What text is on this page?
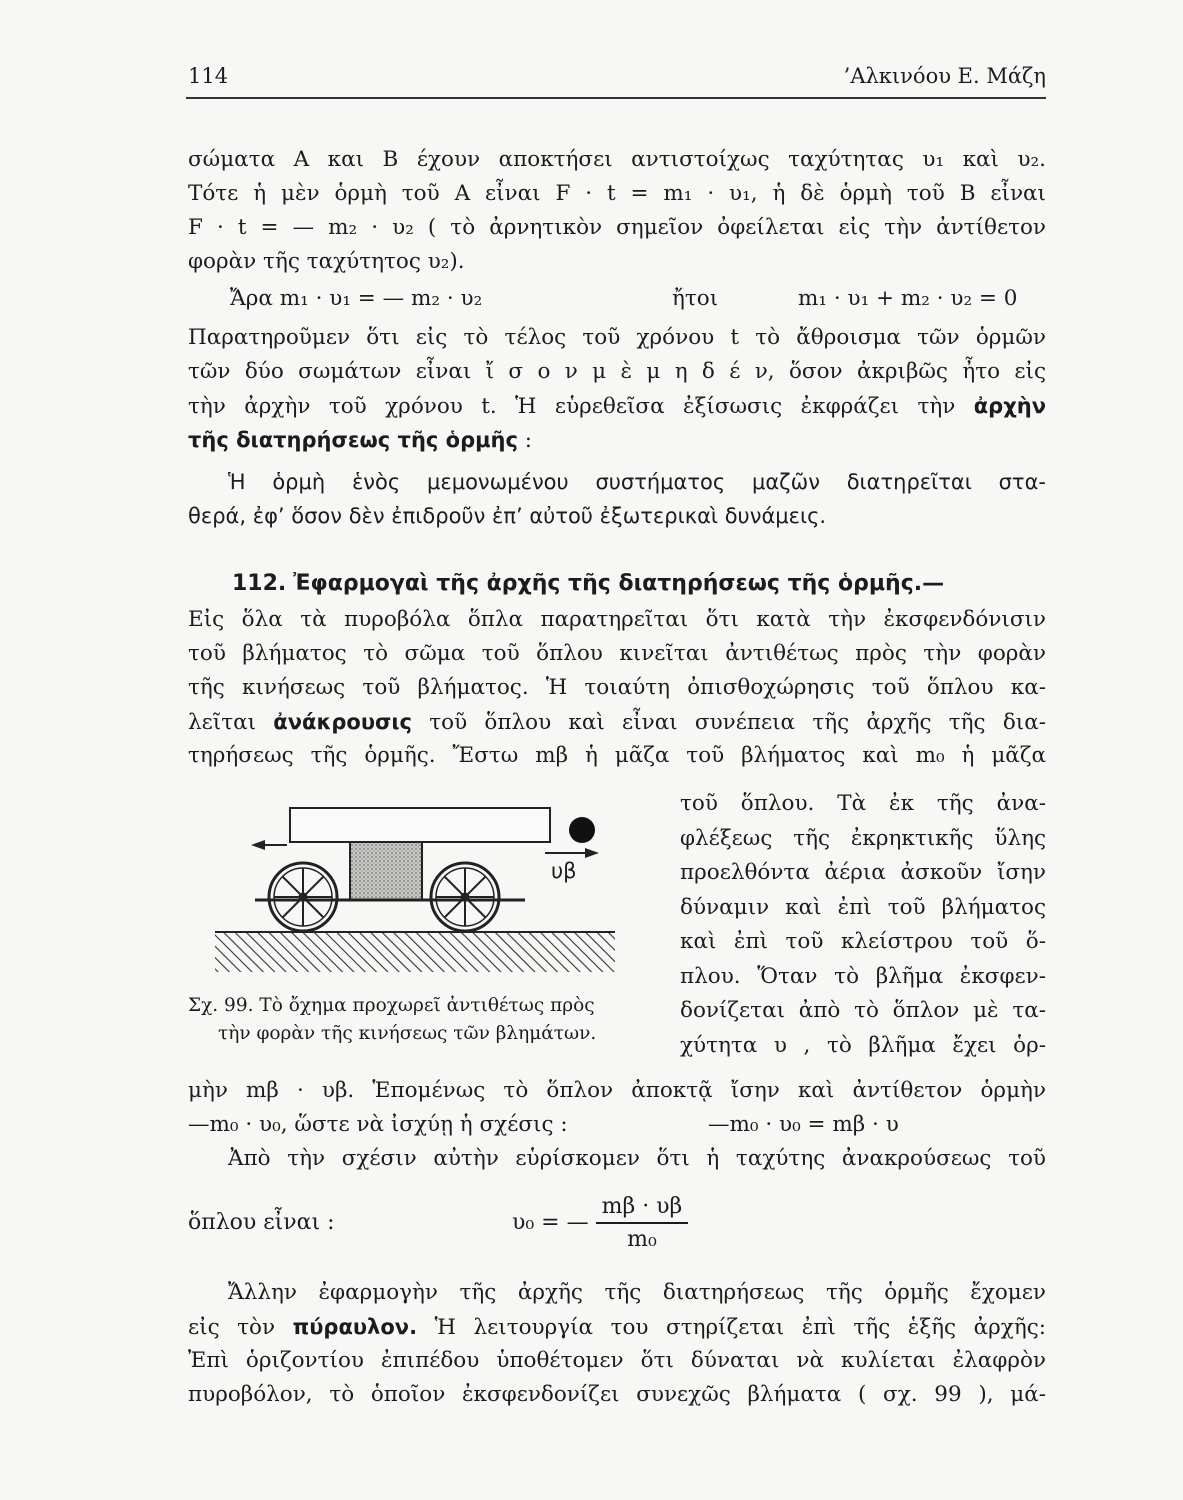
114	’Αλκινόου Ε. Μάζη
σώματα Α και Β έχουν αποκτήσει αντιστοίχως ταχύτητας υ₁ καὶ υ₂.
Τότε ἡ μὲν ὁρμὴ τοῦ Α εἶναι F · t = m₁ · υ₁, ἡ δὲ ὁρμὴ τοῦ Β εἶναι
F · t = — m₂ · υ₂ ( τὸ ἀρνητικὸν σημεῖον ὀφείλεται εἰς τὴν ἀντίθετον
φορὰν τῆς ταχύτητος υ₂).
Ἄρα m₁ · υ₁ = — m₂ · υ₂	ἤτοι	m₁ · υ₁ + m₂ · υ₂ = 0
Παρατηροῦμεν ὅτι εἰς τὸ τέλος τοῦ χρόνου t τὸ ἄθροισμα τῶν ὁρμῶν
τῶν δύο σωμάτων εἶναι ἴ σ ο ν μ ὲ μ η δ έ ν, ὅσον ἀκριβῶς ἦτο εἰς
τὴν ἀρχὴν τοῦ χρόνου t. Ἡ εὑρεθεῖσα ἐξίσωσις ἐκφράζει τὴν ἀρχὴν
τῆς διατηρήσεως τῆς ὁρμῆς :
Ἡ ὁρμὴ ἑνὸς μεμονωμένου συστήματος μαζῶν διατηρεῖται στα-
θερά, ἐφ’ ὅσον δὲν ἐπιδροῦν ἐπ’ αὐτοῦ ἐξωτερικαὶ δυνάμεις.
112. Ἐφαρμογαὶ τῆς ἀρχῆς τῆς διατηρήσεως τῆς ὁρμῆς.—
Εἰς ὅλα τὰ πυροβόλα ὅπλα παρατηρεῖται ὅτι κατὰ τὴν ἐκσφενδόνισιν
τοῦ βλήματος τὸ σῶμα τοῦ ὅπλου κινεῖται ἀντιθέτως πρὸς τὴν φορὰν
τῆς κινήσεως τοῦ βλήματος. Ἡ τοιαύτη ὀπισθοχώρησις τοῦ ὅπλου κα-
λεῖται ἀνάκρουσις τοῦ ὅπλου καὶ εἶναι συνέπεια τῆς ἀρχῆς τῆς δια-
τηρήσεως τῆς ὁρμῆς. Ἔστω mβ ἡ μᾶζα τοῦ βλήματος καὶ m₀ ἡ μᾶζα
τοῦ ὅπλου. Τὰ ἐκ τῆς ἀνα-
φλέξεως τῆς ἐκρηκτικῆς ὕλης
προελθόντα ἀέρια ἀσκοῦν ἴσην
δύναμιν καὶ ἐπὶ τοῦ βλήματος
καὶ ἐπὶ τοῦ κλείστρου τοῦ ὅ-
πλου. Ὅταν τὸ βλῆμα ἐκσφεν-
δονίζεται ἀπὸ τὸ ὅπλον μὲ τα-
χύτητα υ , τὸ βλῆμα ἔχει ὁρ-
υβ
Σχ. 99. Τὸ ὄχημα προχωρεῖ ἀντιθέτως πρὸς
τὴν φορὰν τῆς κινήσεως τῶν βλημάτων.
μὴν mβ · υβ. Ἑπομένως τὸ ὅπλον ἀποκτᾷ ἴσην καὶ ἀντίθετον ὁρμὴν
—m₀ · υ₀, ὥστε νὰ ἰσχύῃ ἡ σχέσις :	—m₀ · υ₀ = mβ · υ
Ἀπὸ τὴν σχέσιν αὐτὴν εὑρίσκομεν ὅτι ἡ ταχύτης ἀνακρούσεως τοῦ
ὅπλου εἶναι :	υ₀ = — $\frac{m\beta \cdot \upsilon\beta}{\text{m₀}}$
Ἄλλην ἐφαρμογὴν τῆς ἀρχῆς τῆς διατηρήσεως τῆς ὁρμῆς ἔχομεν
εἰς τὸν πύραυλον. Ἡ λειτουργία του στηρίζεται ἐπὶ τῆς ἑξῆς ἀρχῆς:
Ἐπὶ ὁριζοντίου ἐπιπέδου ὑποθέτομεν ὅτι δύναται νὰ κυλίεται ἐλαφρὸν
πυροβόλον, τὸ ὁποῖον ἐκσφενδονίζει συνεχῶς βλήματα ( σχ. 99 ), μά-
